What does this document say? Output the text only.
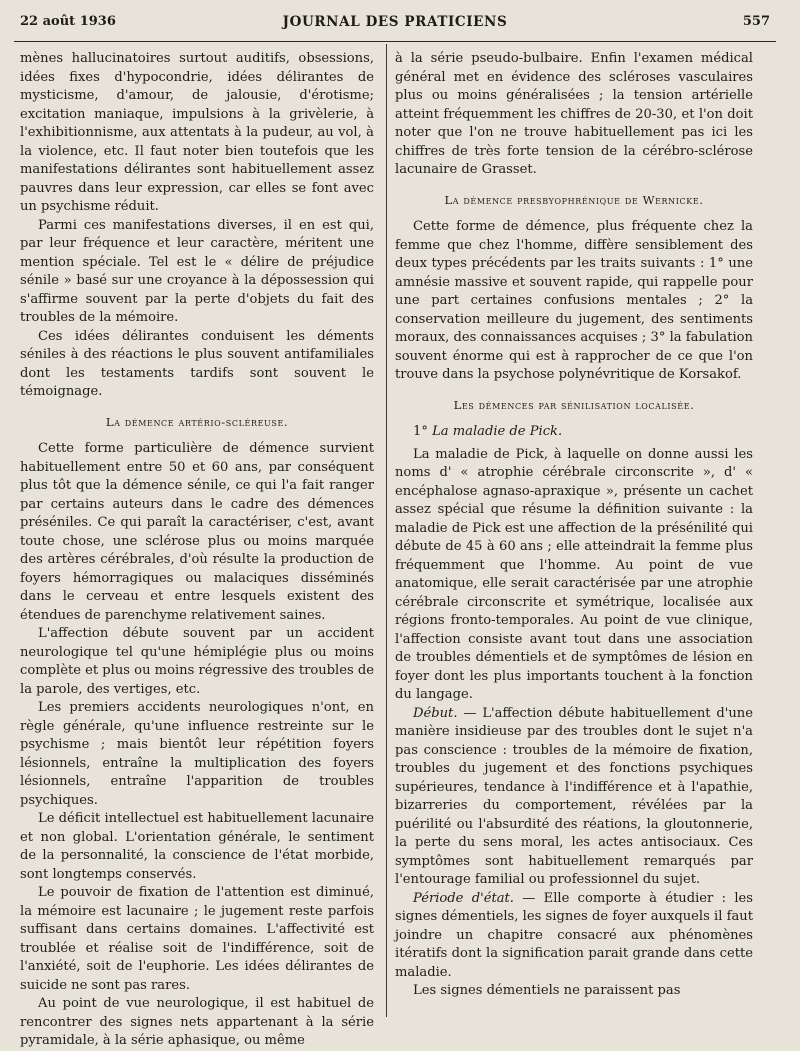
22 août 1936	JOURNAL DES PRATICIENS	557

mènes hallucinatoires surtout auditifs, obsessions, idées fixes d'hypocondrie, idées délirantes de mysticisme, d'amour, de jalousie, d'érotisme; excitation maniaque, impulsions à la grivèlerie, à l'exhibitionnisme, aux attentats à la pudeur, au vol, à la violence, etc. Il faut noter bien toutefois que les manifestations délirantes sont habituellement assez pauvres dans leur expression, car elles se font avec un psychisme réduit.

Parmi ces manifestations diverses, il en est qui, par leur fréquence et leur caractère, méritent une mention spéciale. Tel est le « délire de préjudice sénile » basé sur une croyance à la dépossession qui s'affirme souvent par la perte d'objets du fait des troubles de la mémoire.

Ces idées délirantes conduisent les déments séniles à des réactions le plus souvent antifamiliales dont les testaments tardifs sont souvent le témoignage.

La démence artério-scléreuse.

Cette forme particulière de démence survient habituellement entre 50 et 60 ans, par conséquent plus tôt que la démence sénile, ce qui l'a fait ranger par certains auteurs dans le cadre des démences préséniles. Ce qui paraît la caractériser, c'est, avant toute chose, une sclérose plus ou moins marquée des artères cérébrales, d'où résulte la production de foyers hémorragiques ou malaciques disséminés dans le cerveau et entre lesquels existent des étendues de parenchyme relativement saines.

L'affection débute souvent par un accident neurologique tel qu'une hémiplégie plus ou moins complète et plus ou moins régressive des troubles de la parole, des vertiges, etc.

Les premiers accidents neurologiques n'ont, en règle générale, qu'une influence restreinte sur le psychisme ; mais bientôt leur répétition foyers lésionnels, entraîne la multiplication des foyers lésionnels, entraîne l'apparition de troubles psychiques.

Le déficit intellectuel est habituellement lacunaire et non global. L'orientation générale, le sentiment de la personnalité, la conscience de l'état morbide, sont longtemps conservés.

Le pouvoir de fixation de l'attention est diminué, la mémoire est lacunaire ; le jugement reste parfois suffisant dans certains domaines. L'affectivité est troublée et réalise soit de l'indifférence, soit de l'anxiété, soit de l'euphorie. Les idées délirantes de suicide ne sont pas rares.

Au point de vue neurologique, il est habituel de rencontrer des signes nets appartenant à la série pyramidale, à la série aphasique, ou même

à la série pseudo-bulbaire. Enfin l'examen médical général met en évidence des scléroses vasculaires plus ou moins généralisées ; la tension artérielle atteint fréquemment les chiffres de 20-30, et l'on doit noter que l'on ne trouve habituellement pas ici les chiffres de très forte tension de la cérébro-sclérose lacunaire de Grasset.

La démence presbyophrénique de Wernicke.

Cette forme de démence, plus fréquente chez la femme que chez l'homme, diffère sensiblement des deux types précédents par les traits suivants : 1° une amnésie massive et souvent rapide, qui rappelle pour une part certaines confusions mentales ; 2° la conservation meilleure du jugement, des sentiments moraux, des connaissances acquises ; 3° la fabulation souvent énorme qui est à rapprocher de ce que l'on trouve dans la psychose polynévritique de Korsakof.

Les démences par sénilisation localisée.

1° La maladie de Pick.

La maladie de Pick, à laquelle on donne aussi les noms d' « atrophie cérébrale circonscrite », d' « encéphalose agnaso-apraxique », présente un cachet assez spécial que résume la définition suivante : la maladie de Pick est une affection de la présénilité qui débute de 45 à 60 ans ; elle atteindrait la femme plus fréquemment que l'homme. Au point de vue anatomique, elle serait caractérisée par une atrophie cérébrale circonscrite et symétrique, localisée aux régions fronto-temporales. Au point de vue clinique, l'affection consiste avant tout dans une association de troubles démentiels et de symptômes de lésion en foyer dont les plus importants touchent à la fonction du langage.

Début. — L'affection débute habituellement d'une manière insidieuse par des troubles dont le sujet n'a pas conscience : troubles de la mémoire de fixation, troubles du jugement et des fonctions psychiques supérieures, tendance à l'indifférence et à l'apathie, bizarreries du comportement, révélées par la puérilité ou l'absurdité des réations, la gloutonnerie, la perte du sens moral, les actes antisociaux. Ces symptômes sont habituellement remarqués par l'entourage familial ou professionnel du sujet.

Période d'état. — Elle comporte à étudier : les signes démentiels, les signes de foyer auxquels il faut joindre un chapitre consacré aux phénomènes itératifs dont la signification parait grande dans cette maladie.

Les signes démentiels ne paraissent pas
